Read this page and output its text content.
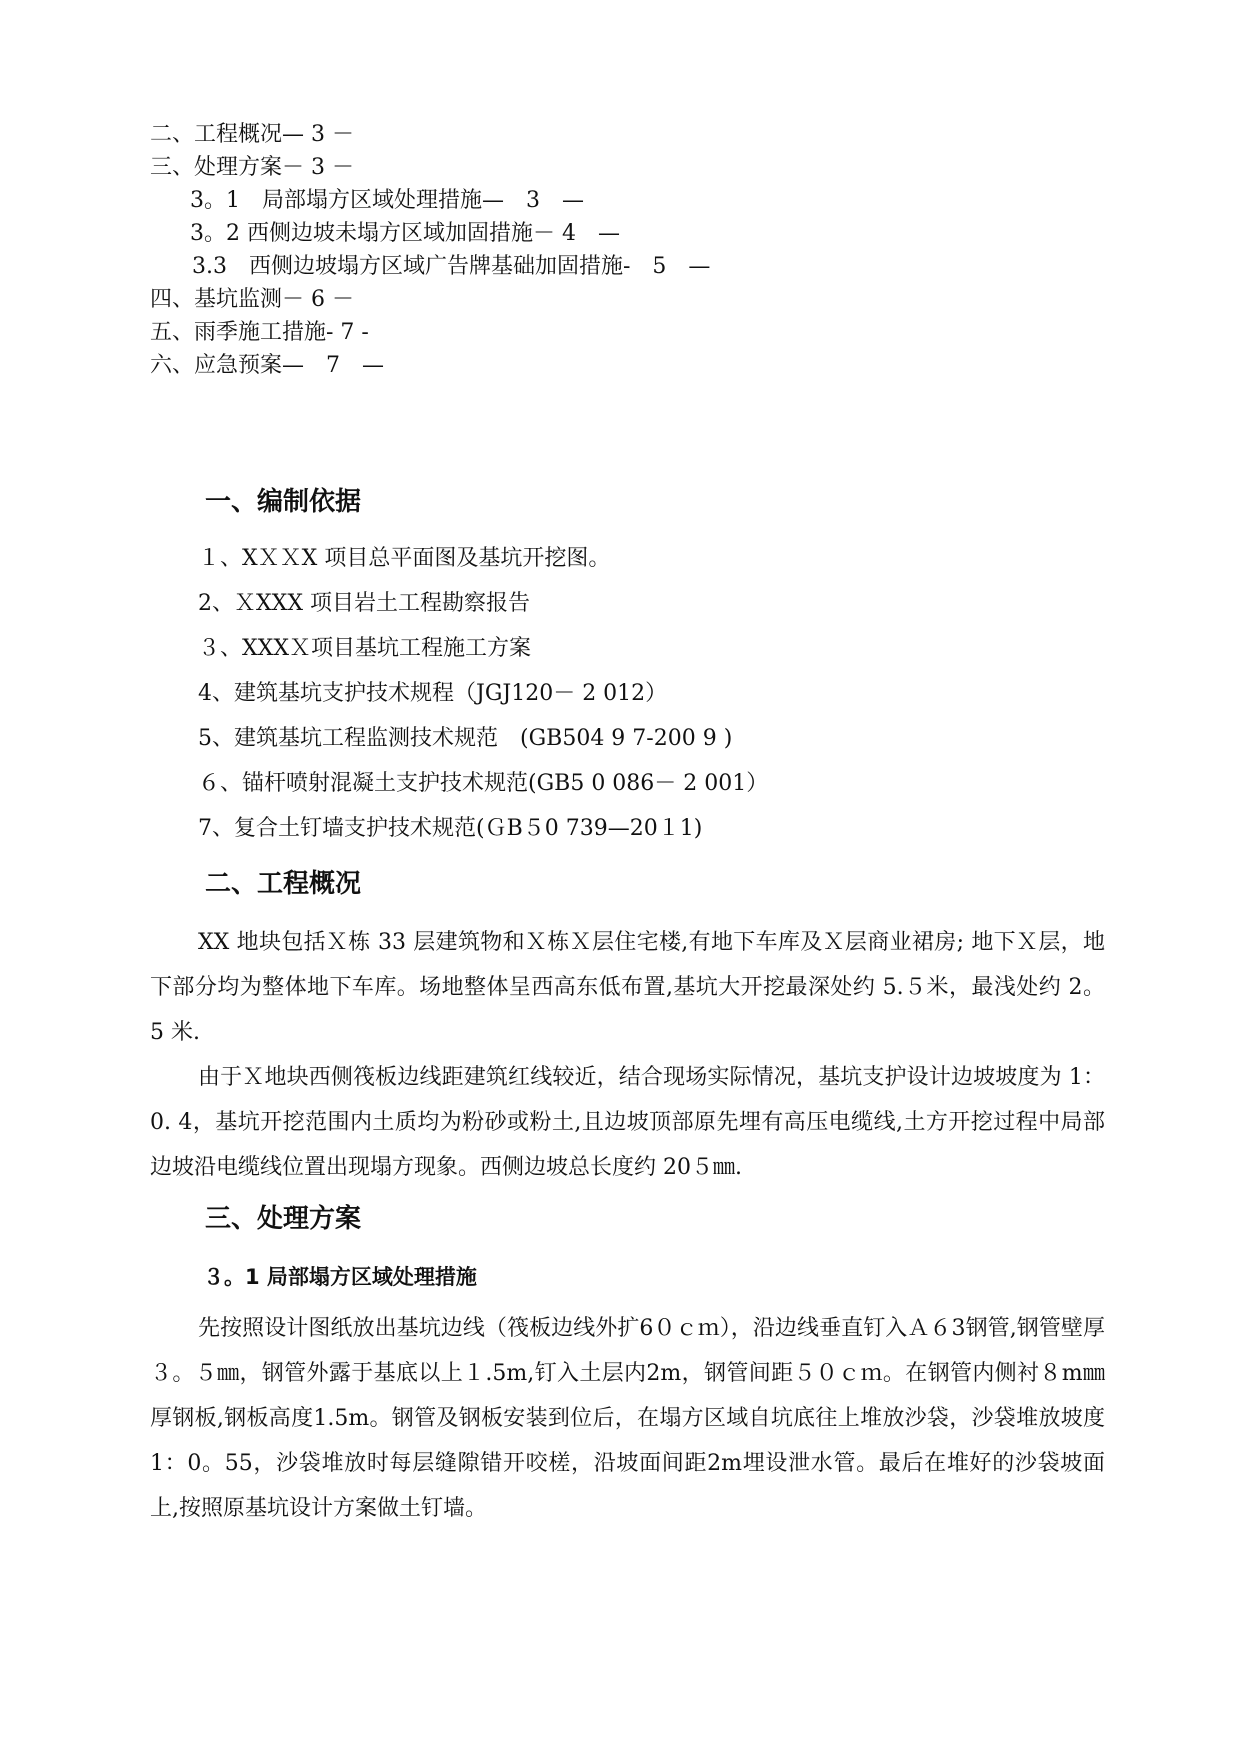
二、工程概况— 3 －
三、处理方案－ 3 －
3。1　局部塌方区域处理措施—　3　—
3。2 西侧边坡未塌方区域加固措施－ 4　—
3.3　西侧边坡塌方区域广告牌基础加固措施-　5　—
四、基坑监测－ 6 －
五、雨季施工措施- 7 -
六、应急预案—　7　—
一、编制依据
１、XＸＸX 项目总平面图及基坑开挖图。
2、ＸXXX 项目岩土工程勘察报告
３、XXXＸ项目基坑工程施工方案
4、建筑基坑支护技术规程（JGJ120－ 2 012）
5、建筑基坑工程监测技术规范　(GB504 9 7-200 9 )
６、锚杆喷射混凝土支护技术规范(GB5 0 086－ 2 001）
7、复合土钉墙支护技术规范(ＧB５0 739—20１1)
二、工程概况

XX 地块包括Ｘ栋 33 层建筑物和Ｘ栋Ｘ层住宅楼,有地下车库及Ｘ层商业裙房; 地下Ｘ层，地下部分均为整体地下车库。场地整体呈西高东低布置,基坑大开挖最深处约 5.５米，最浅处约 2。 5 米.

由于Ｘ地块西侧筏板边线距建筑红线较近，结合现场实际情况，基坑支护设计边坡坡度为 1：0. 4，基坑开挖范围内土质均为粉砂或粉土,且边坡顶部原先埋有高压电缆线,土方开挖过程中局部边坡沿电缆线位置出现塌方现象。西侧边坡总长度约 20５㎜.

三、处理方案
３。1 局部塌方区域处理措施

先按照设计图纸放出基坑边线（筏板边线外扩6０ｃｍ），沿边线垂直钉入Ａ６3钢管,钢管壁厚３。５㎜，钢管外露于基底以上１.5m,钉入土层内2m，钢管间距５０ｃｍ。在钢管内侧衬８m㎜厚钢板,钢板高度1.5m。钢管及钢板安装到位后，在塌方区域自坑底往上堆放沙袋，沙袋堆放坡度1：0。55，沙袋堆放时每层缝隙错开咬槎，沿坡面间距2m埋设泄水管。最后在堆好的沙袋坡面上,按照原基坑设计方案做土钉墙。
